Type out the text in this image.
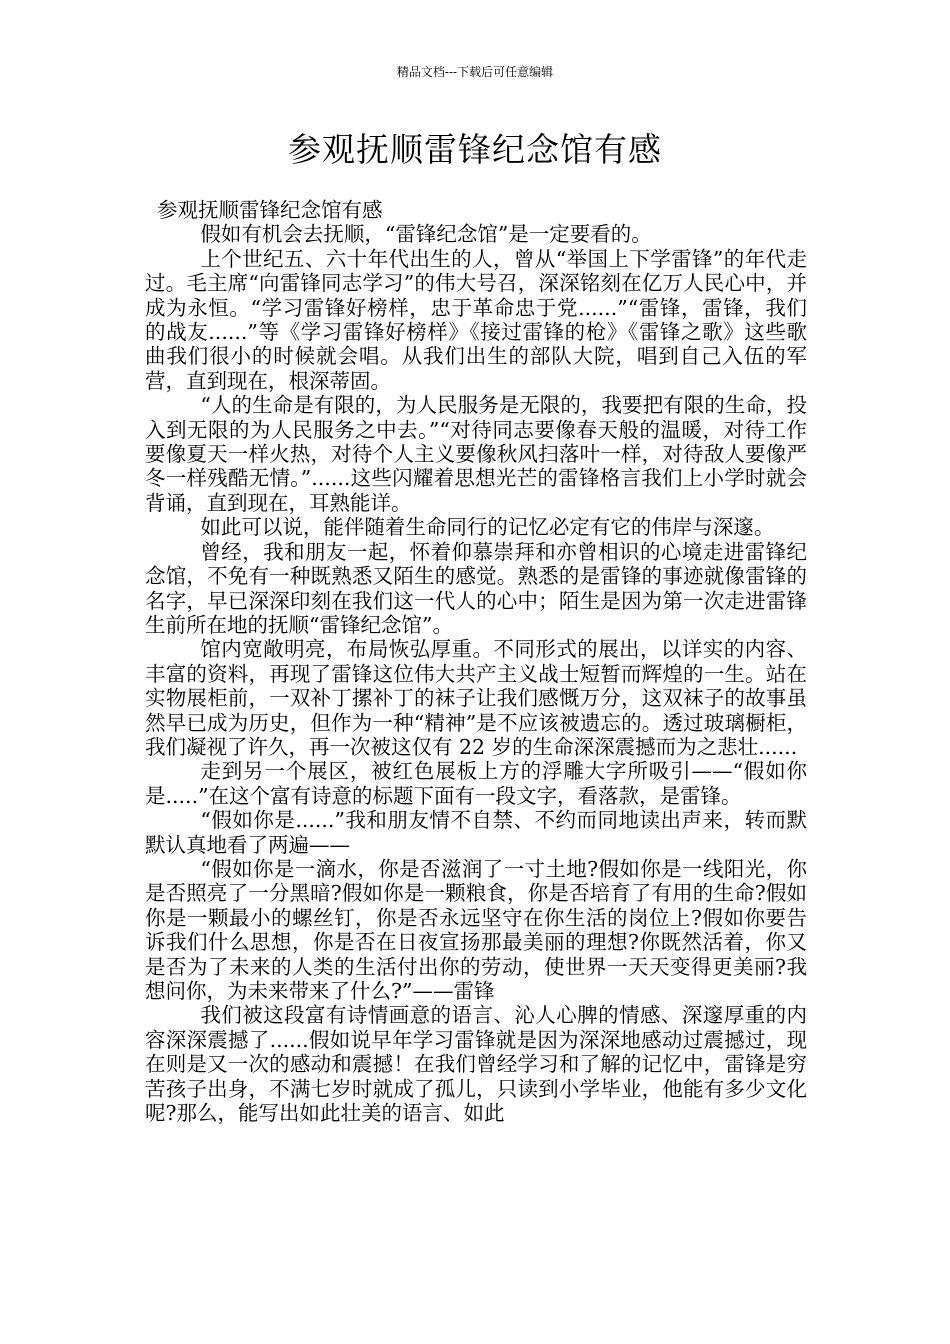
精品文档---下载后可任意编辑
参观抚顺雷锋纪念馆有感

参观抚顺雷锋纪念馆有感

假如有机会去抚顺，“雷锋纪念馆”是一定要看的。

上个世纪五、六十年代出生的人，曾从“举国上下学雷锋”的年代走过。毛主席“向雷锋同志学习”的伟大号召，深深铭刻在亿万人民心中，并成为永恒。“学习雷锋好榜样，忠于革命忠于党......”“雷锋，雷锋，我们的战友......”等《学习雷锋好榜样》《接过雷锋的枪》《雷锋之歌》这些歌曲我们很小的时候就会唱。从我们出生的部队大院，唱到自己入伍的军营，直到现在，根深蒂固。

“人的生命是有限的，为人民服务是无限的，我要把有限的生命，投入到无限的为人民服务之中去。”“对待同志要像春天般的温暖，对待工作要像夏天一样火热，对待个人主义要像秋风扫落叶一样，对待敌人要像严冬一样残酷无情。”......这些闪耀着思想光芒的雷锋格言我们上小学时就会背诵，直到现在，耳熟能详。

如此可以说，能伴随着生命同行的记忆必定有它的伟岸与深邃。

曾经，我和朋友一起，怀着仰慕崇拜和亦曾相识的心境走进雷锋纪念馆，不免有一种既熟悉又陌生的感觉。熟悉的是雷锋的事迹就像雷锋的名字，早已深深印刻在我们这一代人的心中；陌生是因为第一次走进雷锋生前所在地的抚顺“雷锋纪念馆”。

馆内宽敞明亮，布局恢弘厚重。不同形式的展出，以详实的内容、丰富的资料，再现了雷锋这位伟大共产主义战士短暂而辉煌的一生。站在实物展柜前，一双补丁摞补丁的袜子让我们感慨万分，这双袜子的故事虽然早已成为历史，但作为一种“精神”是不应该被遗忘的。透过玻璃橱柜，我们凝视了许久，再一次被这仅有 22 岁的生命深深震撼而为之悲壮......

走到另一个展区，被红色展板上方的浮雕大字所吸引——“假如你是.....”在这个富有诗意的标题下面有一段文字，看落款，是雷锋。

“假如你是......”我和朋友情不自禁、不约而同地读出声来，转而默默认真地看了两遍——

“假如你是一滴水，你是否滋润了一寸土地?假如你是一线阳光，你是否照亮了一分黑暗?假如你是一颗粮食，你是否培育了有用的生命?假如你是一颗最小的螺丝钉，你是否永远坚守在你生活的岗位上?假如你要告诉我们什么思想，你是否在日夜宣扬那最美丽的理想?你既然活着，你又是否为了未来的人类的生活付出你的劳动，使世界一天天变得更美丽?我想问你，为未来带来了什么?”——雷锋

我们被这段富有诗情画意的语言、沁人心脾的情感、深邃厚重的内容深深震撼了......假如说早年学习雷锋就是因为深深地感动过震撼过，现在则是又一次的感动和震撼！在我们曾经学习和了解的记忆中，雷锋是穷苦孩子出身，不满七岁时就成了孤儿，只读到小学毕业，他能有多少文化呢?那么，能写出如此壮美的语言、如此
